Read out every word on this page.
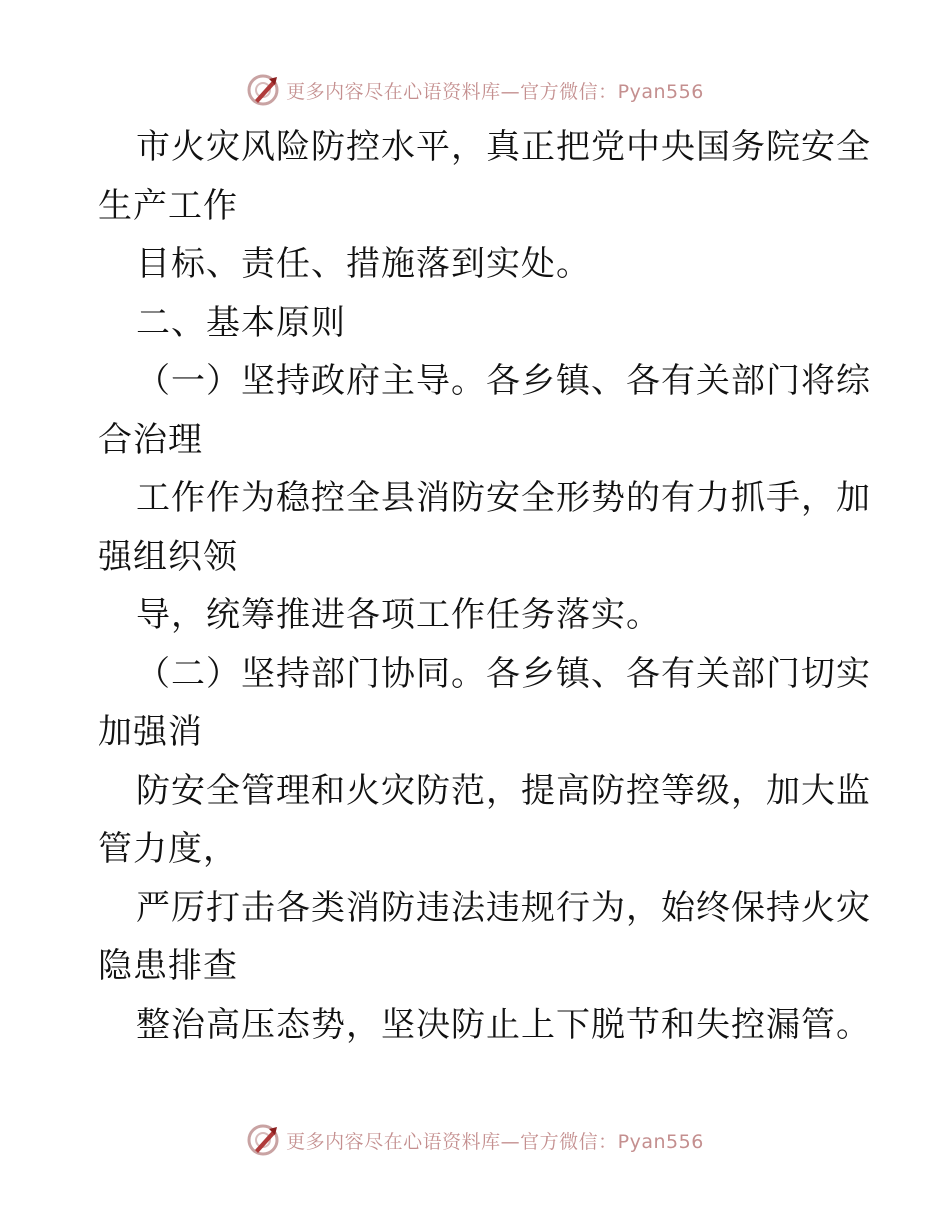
更多内容尽在心语资料库—官方微信：Pyan556
市火灾风险防控水平，真正把党中央国务院安全
生产工作
目标、责任、措施落到实处。
二、基本原则
（一）坚持政府主导。各乡镇、各有关部门将综
合治理
工作作为稳控全县消防安全形势的有力抓手，加
强组织领
导，统筹推进各项工作任务落实。
（二）坚持部门协同。各乡镇、各有关部门切实
加强消
防安全管理和火灾防范，提高防控等级，加大监
管力度，
严厉打击各类消防违法违规行为，始终保持火灾
隐患排查
整治高压态势，坚决防止上下脱节和失控漏管。
更多内容尽在心语资料库—官方微信：Pyan556
